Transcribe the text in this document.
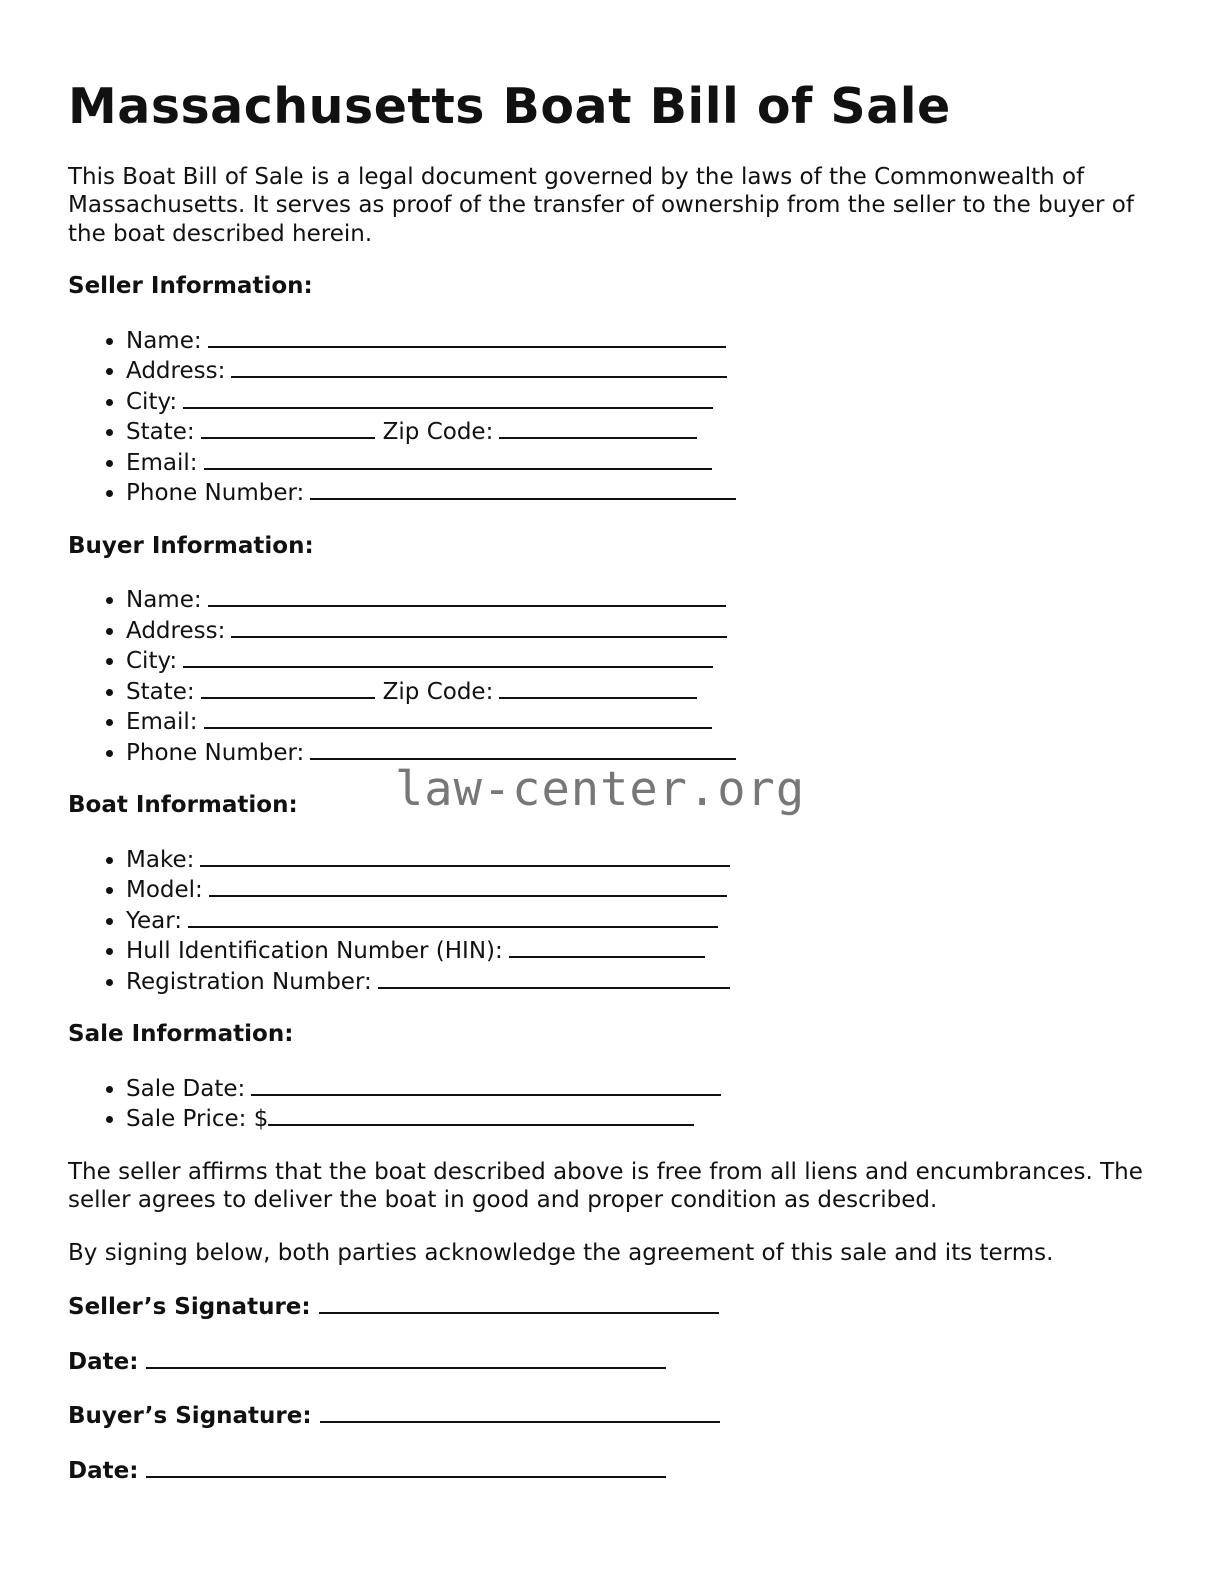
Massachusetts Boat Bill of Sale

This Boat Bill of Sale is a legal document governed by the laws of the Commonwealth of Massachusetts. It serves as proof of the transfer of ownership from the seller to the buyer of the boat described herein.

Seller Information:
• Name:
• Address:
• City:
• State:	Zip Code:
• Email:
• Phone Number:
Buyer Information:
• Name:
• Address:
• City:
• State:	Zip Code:
• Email:
• Phone Number:
Boat Information:
• Make:
• Model:
• Year:
• Hull Identification Number (HIN):
• Registration Number:
Sale Information:
• Sale Date:
• Sale Price: $

The seller affirms that the boat described above is free from all liens and encumbrances. The seller agrees to deliver the boat in good and proper condition as described.

By signing below, both parties acknowledge the agreement of this sale and its terms.

Seller’s Signature:
Date:
Buyer’s Signature:
Date:
law-center.org
